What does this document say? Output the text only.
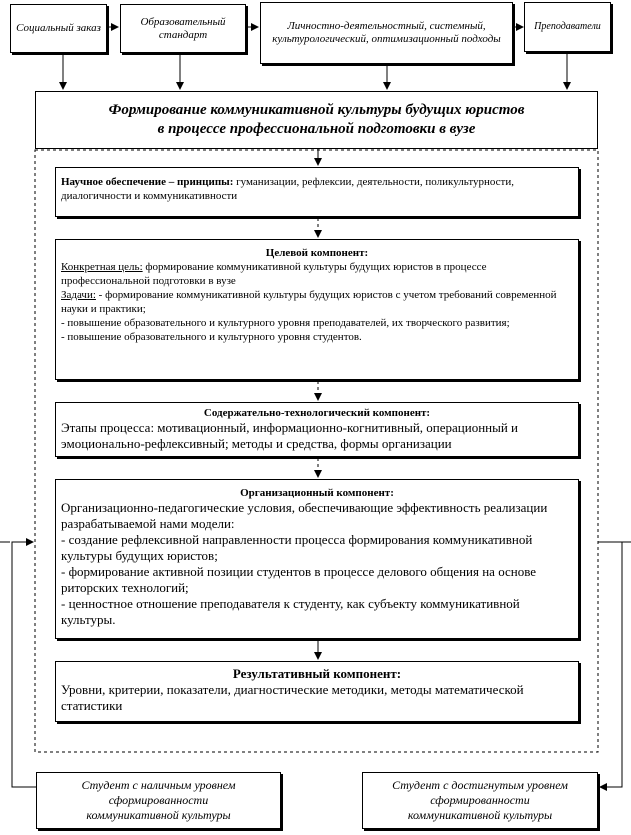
Социальный заказ
Образовательный стандарт
Личностно-деятельностный, системный, культурологический, оптимизационный подходы
Преподаватели
Формирование коммуникативной культуры будущих юристов
в процессе профессиональной подготовки в вузе
Научное обеспечение – принципы: гуманизации, рефлексии, деятельности, поликультурности, диалогичности и коммуникативности
Целевой компонент:
Конкретная цель: формирование коммуникативной культуры будущих юристов в процессе профессиональной подготовки в вузе
Задачи: - формирование коммуникативной культуры будущих юристов с учетом требований современной науки и практики;
- повышение образовательного и культурного уровня преподавателей, их творческого развития;
- повышение образовательного и культурного уровня студентов.
Содержательно-технологический компонент:
Этапы процесса: мотивационный, информационно-когнитивный, операционный и эмоционально-рефлексивный; методы и средства, формы организации
Организационный компонент:
Организационно-педагогические условия, обеспечивающие эффективность реализации разрабатываемой нами модели:
- создание рефлексивной направленности процесса формирования коммуникативной культуры будущих юристов;
- формирование активной позиции студентов в процессе делового общения на основе риторских технологий;
- ценностное отношение преподавателя к студенту, как субъекту коммуникативной культуры.
Результативный компонент:
Уровни, критерии, показатели, диагностические методики, методы математической статистики
Студент с наличным уровнем
сформированности
коммуникативной культуры
Студент с достигнутым уровнем
сформированности
коммуникативной культуры
